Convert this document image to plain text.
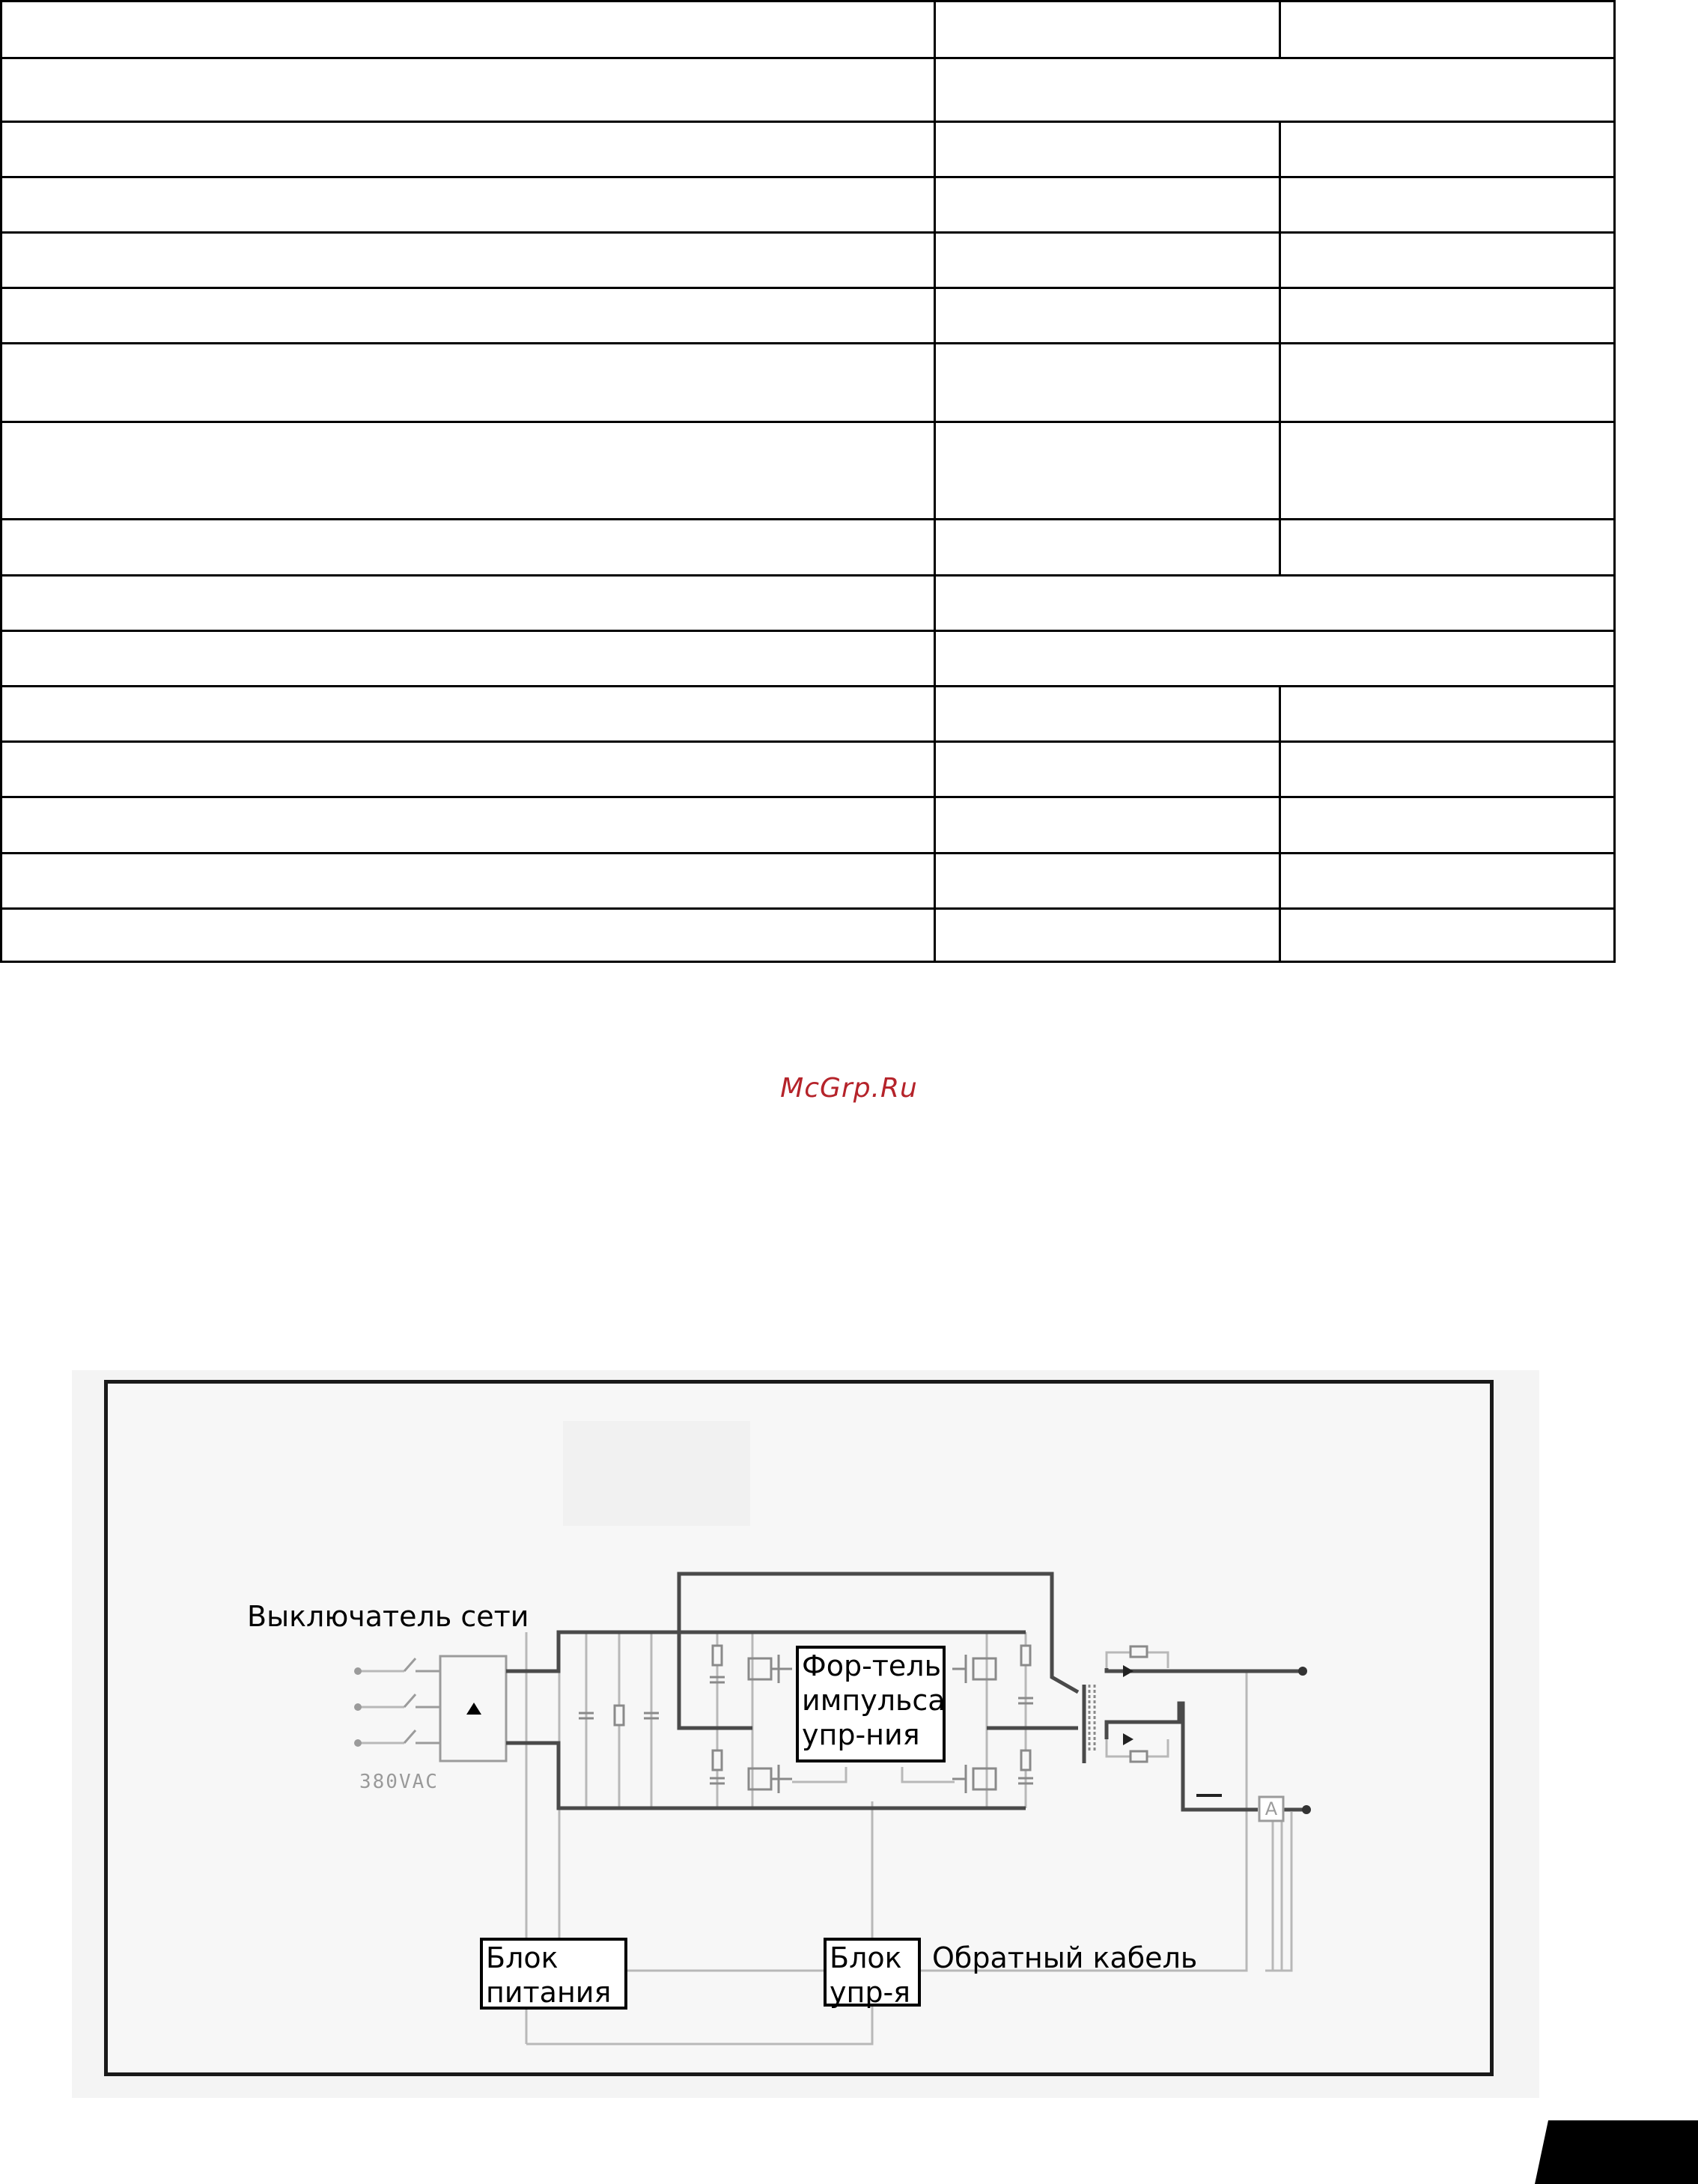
McGrp.Ru
A
Выключатель сети
380VAC
Фор-тель
импульса
упр-ния
Блок
питания
Блок
упр-я
Обратный кабель
